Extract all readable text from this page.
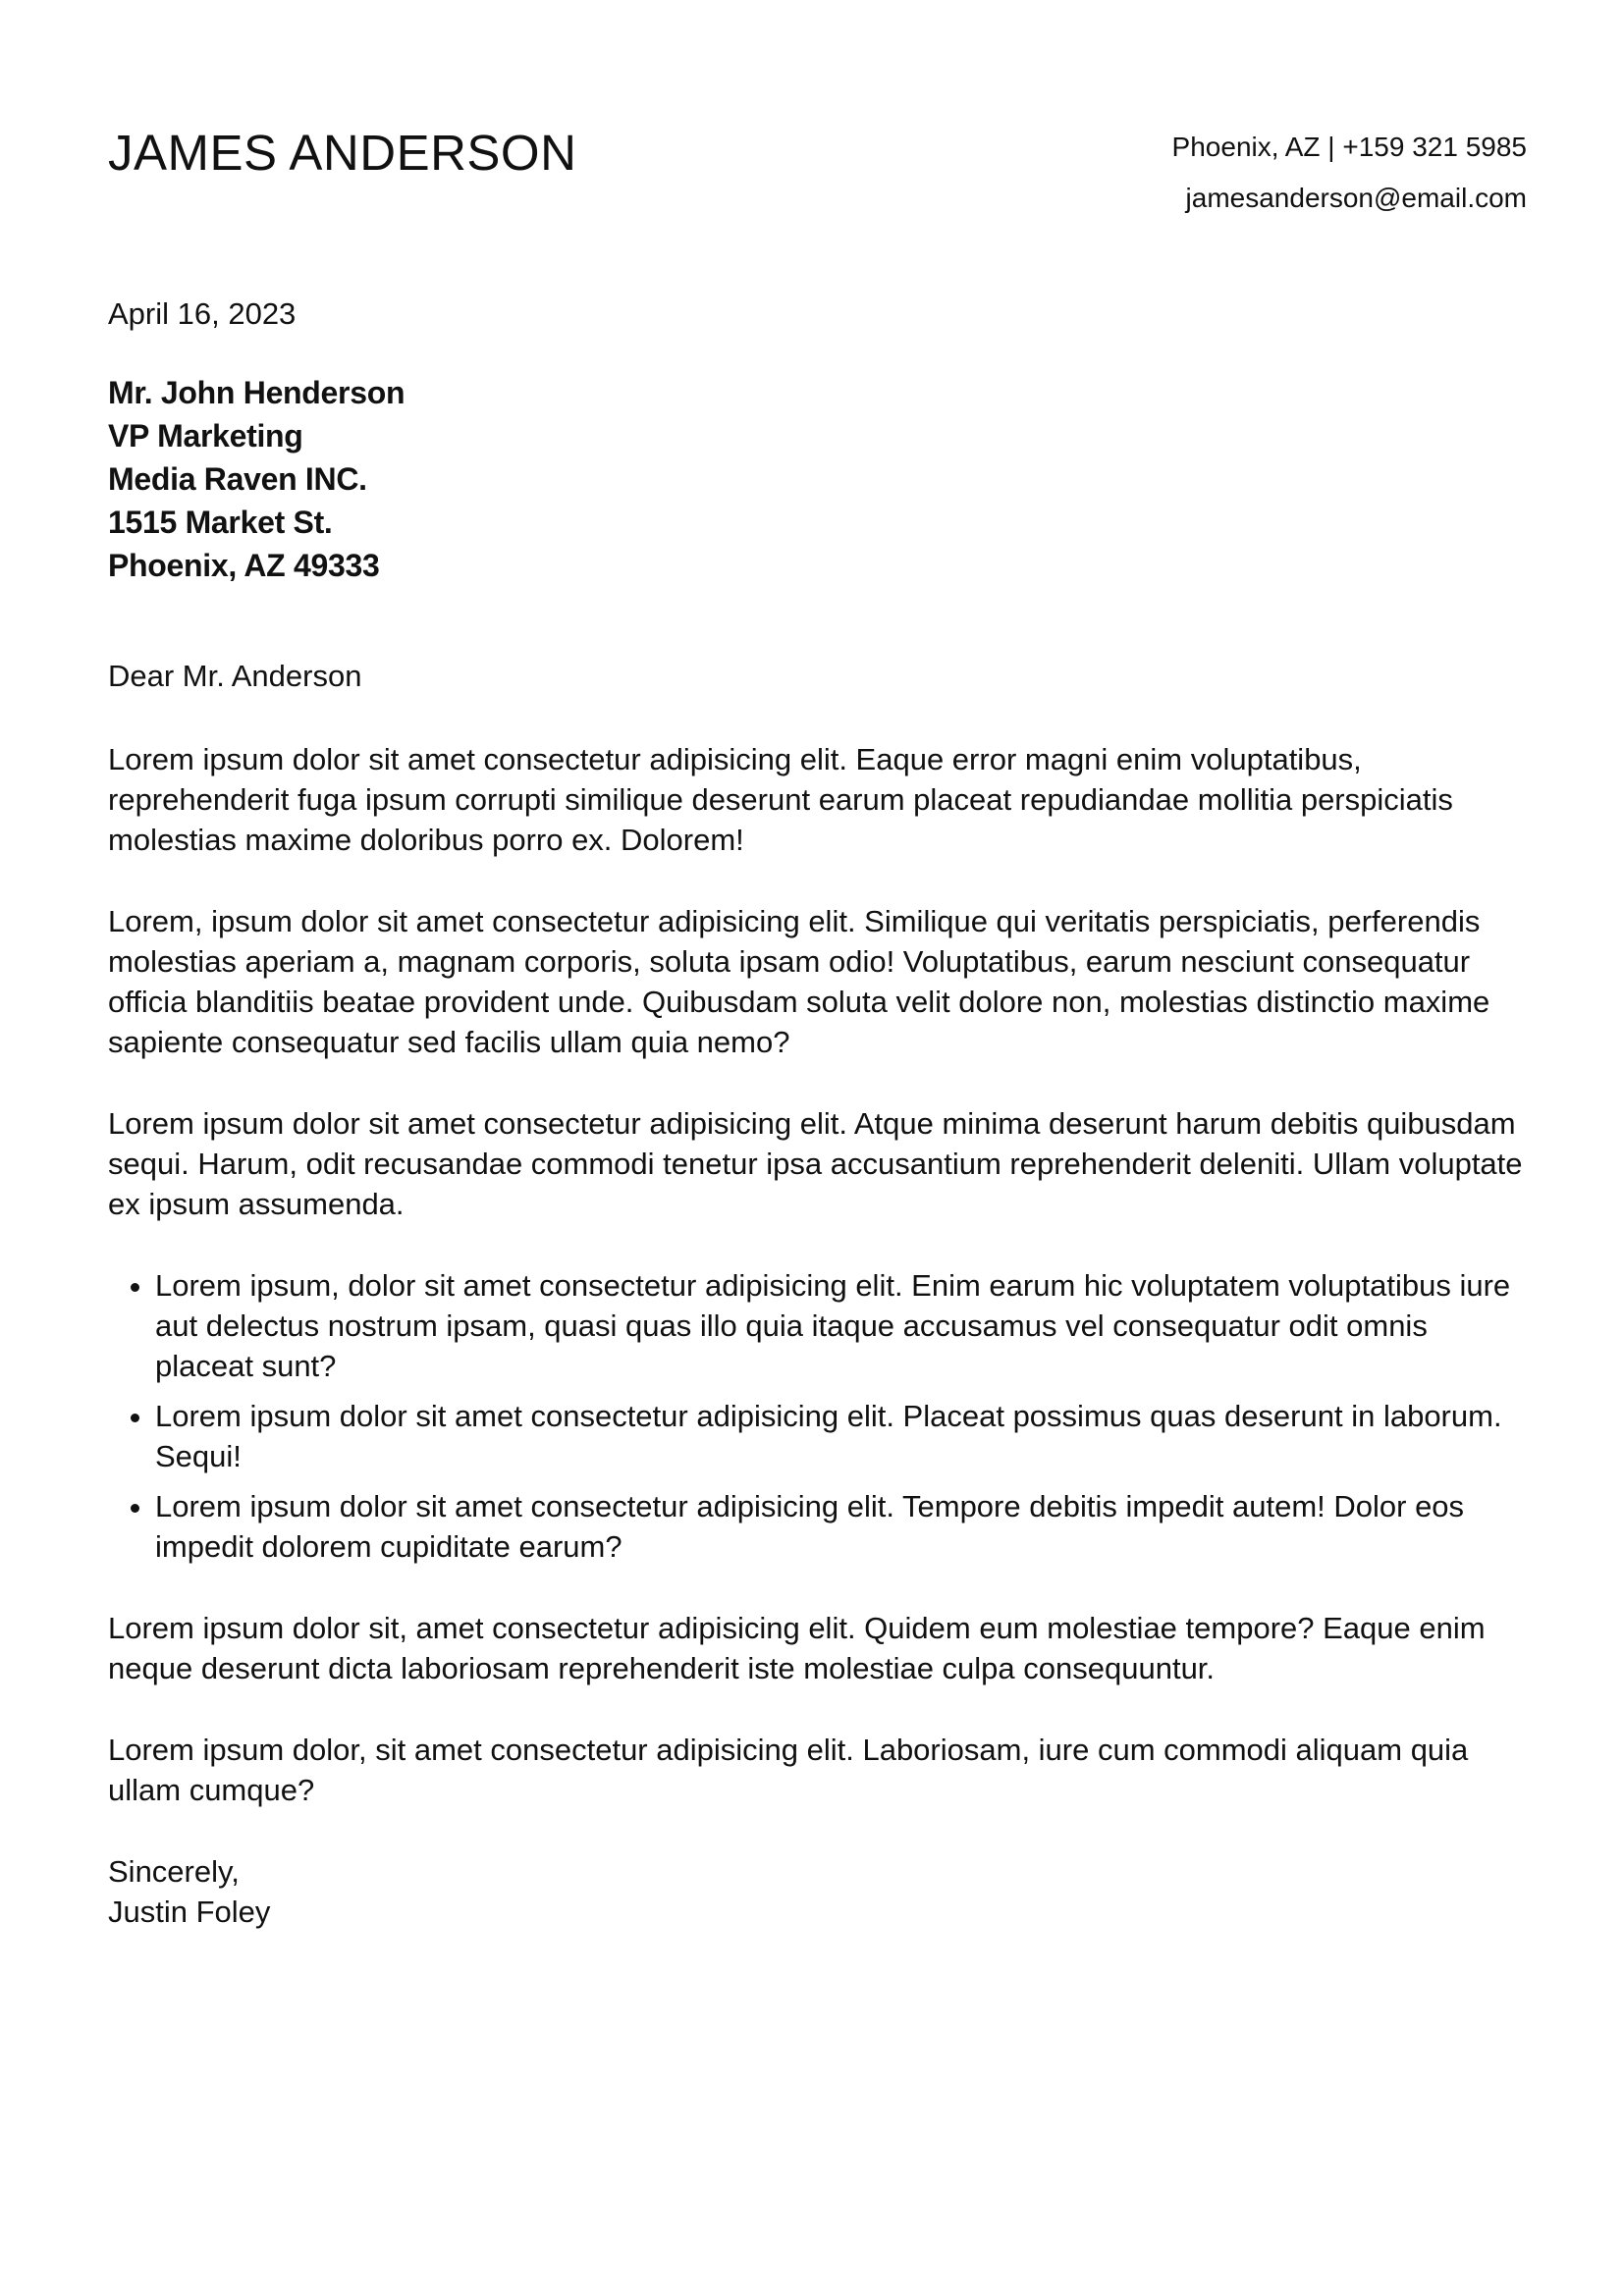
JAMES ANDERSON	Phoenix, AZ | +159 321 5985
jamesanderson@email.com

April 16, 2023

Mr. John Henderson
VP Marketing
Media Raven INC.
1515 Market St.
Phoenix, AZ 49333

Dear Mr. Anderson

Lorem ipsum dolor sit amet consectetur adipisicing elit. Eaque error magni enim voluptatibus, reprehenderit fuga ipsum corrupti similique deserunt earum placeat repudiandae mollitia perspiciatis molestias maxime doloribus porro ex. Dolorem!

Lorem, ipsum dolor sit amet consectetur adipisicing elit. Similique qui veritatis perspiciatis, perferendis molestias aperiam a, magnam corporis, soluta ipsam odio! Voluptatibus, earum nesciunt consequatur officia blanditiis beatae provident unde. Quibusdam soluta velit dolore non, molestias distinctio maxime sapiente consequatur sed facilis ullam quia nemo?

Lorem ipsum dolor sit amet consectetur adipisicing elit. Atque minima deserunt harum debitis quibusdam sequi. Harum, odit recusandae commodi tenetur ipsa accusantium reprehenderit deleniti. Ullam voluptate ex ipsum assumenda.

• Lorem ipsum, dolor sit amet consectetur adipisicing elit. Enim earum hic voluptatem voluptatibus iure aut delectus nostrum ipsam, quasi quas illo quia itaque accusamus vel consequatur odit omnis placeat sunt?
• Lorem ipsum dolor sit amet consectetur adipisicing elit. Placeat possimus quas deserunt in laborum. Sequi!
• Lorem ipsum dolor sit amet consectetur adipisicing elit. Tempore debitis impedit autem! Dolor eos impedit dolorem cupiditate earum?

Lorem ipsum dolor sit, amet consectetur adipisicing elit. Quidem eum molestiae tempore? Eaque enim neque deserunt dicta laboriosam reprehenderit iste molestiae culpa consequuntur.

Lorem ipsum dolor, sit amet consectetur adipisicing elit. Laboriosam, iure cum commodi aliquam quia ullam cumque?

Sincerely,
Justin Foley
